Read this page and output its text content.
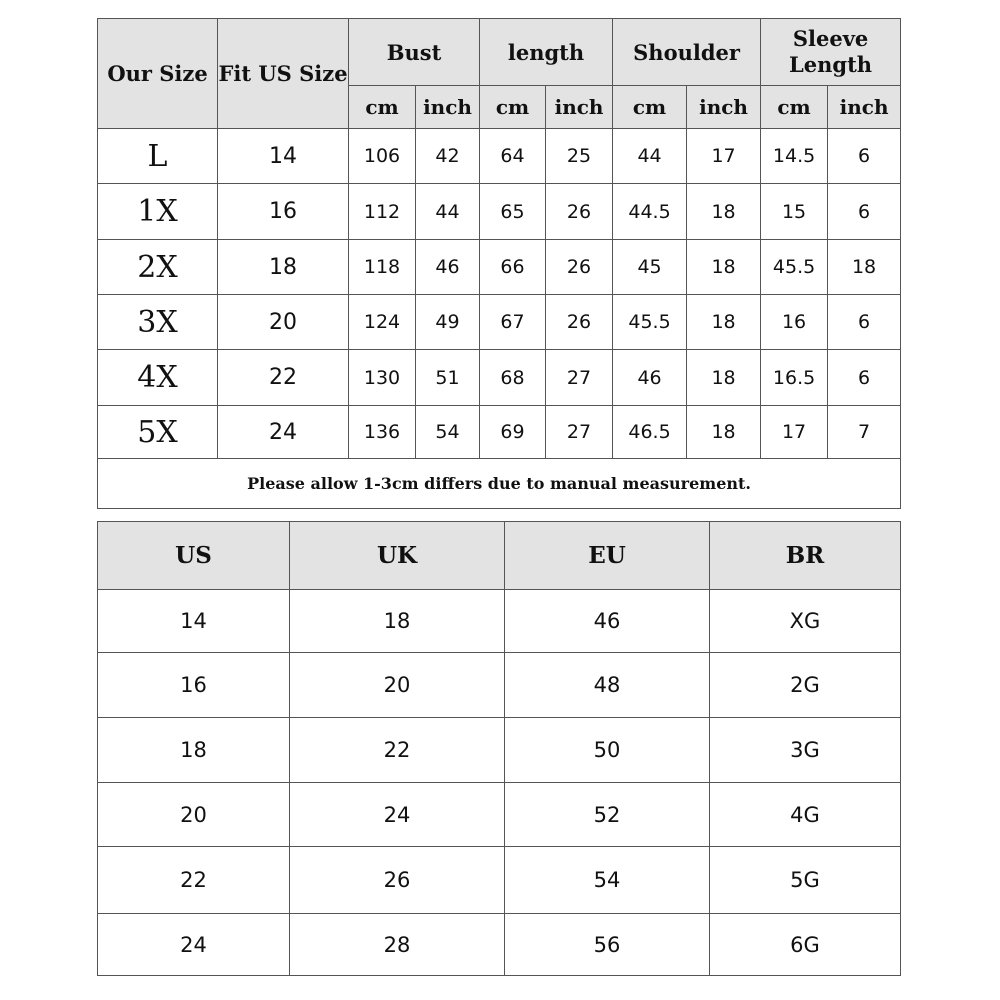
Our Size	Fit US Size	Bust		length		Shoulder		Sleeve Length	
		cm	inch	cm	inch	cm	inch	cm	inch
L	14	106	42	64	25	44	17	14.5	6
1X	16	112	44	65	26	44.5	18	15	6
2X	18	118	46	66	26	45	18	45.5	18
3X	20	124	49	67	26	45.5	18	16	6
4X	22	130	51	68	27	46	18	16.5	6
5X	24	136	54	69	27	46.5	18	17	7
Please allow 1-3cm differs due to manual measurement.									
US	UK	EU	BR
14	18	46	XG
16	20	48	2G
18	22	50	3G
20	24	52	4G
22	26	54	5G
24	28	56	6G
